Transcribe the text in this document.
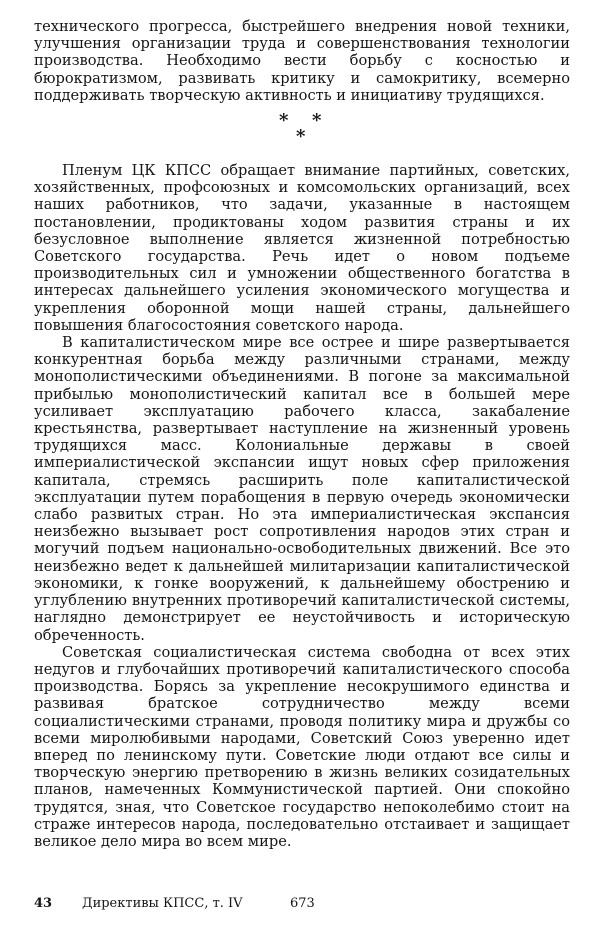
технического прогресса, быстрейшего внедрения новой техники, улучшения организации труда и совершенствования технологии производства. Необходимо вести борьбу с косностью и бюрократизмом, развивать критику и самокритику, всемерно поддерживать творческую активность и инициативу трудящихся.

* *
*

Пленум ЦК КПСС обращает внимание партийных, советских, хозяйственных, профсоюзных и комсомольских организаций, всех наших работников, что задачи, указанные в настоящем постановлении, продиктованы ходом развития страны и их безусловное выполнение является жизненной потребностью Советского государства. Речь идет о новом подъеме производительных сил и умножении общественного богатства в интересах дальнейшего усиления экономического могущества и укрепления оборонной мощи нашей страны, дальнейшего повышения благосостояния советского народа.

В капиталистическом мире все острее и шире развертывается конкурентная борьба между различными странами, между монополистическими объединениями. В погоне за максимальной прибылью монополистический капитал все в большей мере усиливает эксплуатацию рабочего класса, закабаление крестьянства, развертывает наступление на жизненный уровень трудящихся масс. Колониальные державы в своей империалистической экспансии ищут новых сфер приложения капитала, стремясь расширить поле капиталистической эксплуатации путем порабощения в первую очередь экономически слабо развитых стран. Но эта империалистическая экспансия неизбежно вызывает рост сопротивления народов этих стран и могучий подъем национально-освободительных движений. Все это неизбежно ведет к дальнейшей милитаризации капиталистической экономики, к гонке вооружений, к дальнейшему обострению и углублению внутренних противоречий капиталистической системы, наглядно демонстрирует ее неустойчивость и историческую обреченность.

Советская социалистическая система свободна от всех этих недугов и глубочайших противоречий капиталистического способа производства. Борясь за укрепление несокрушимого единства и развивая братское сотрудничество между всеми социалистическими странами, проводя политику мира и дружбы со всеми миролюбивыми народами, Советский Союз уверенно идет вперед по ленинскому пути. Советские люди отдают все силы и творческую энергию претворению в жизнь великих созидательных планов, намеченных Коммунистической партией. Они спокойно трудятся, зная, что Советское государство непоколебимо стоит на страже интересов народа, последовательно отстаивает и защищает великое дело мира во всем мире.

43 Директивы КПСС, т. IV	673
